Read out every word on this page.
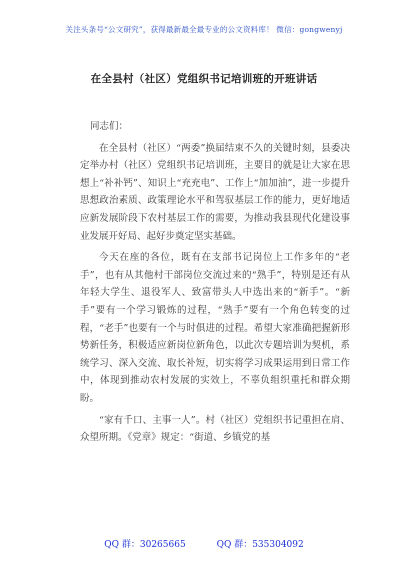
关注头条号“公文研究”，获得最新最全最专业的公文资料库！ 微信：gongwenyj
在全县村（社区）党组织书记培训班的开班讲话

同志们：

在全县村（社区）“两委”换届结束不久的关键时刻，县委决定举办村（社区）党组织书记培训班，主要目的就是让大家在思想上“补补钙”、知识上“充充电”、工作上“加加油”，进一步提升思想政治素质、政策理论水平和驾驭基层工作的能力，更好地适应新发展阶段下农村基层工作的需要，为推动我县现代化建设事业发展开好局、起好步奠定坚实基础。

今天在座的各位，既有在支部书记岗位上工作多年的“老手”，也有从其他村干部岗位交流过来的“熟手”，特别是还有从年轻大学生、退役军人、致富带头人中选出来的“新手”。“新手”要有一个学习锻炼的过程，“熟手”要有一个角色转变的过程，“老手”也要有一个与时俱进的过程。希望大家准确把握新形势新任务，积极适应新岗位新角色，以此次专题培训为契机，系统学习、深入交流、取长补短，切实将学习成果运用到日常工作中，体现到推动农村发展的实效上，不辜负组织重托和群众期盼。

“家有千口、主事一人”。村（社区）党组织书记重担在肩、众望所期。《党章》规定：“街道、乡镇党的基

QQ 群：30265665	QQ 群：535304092
